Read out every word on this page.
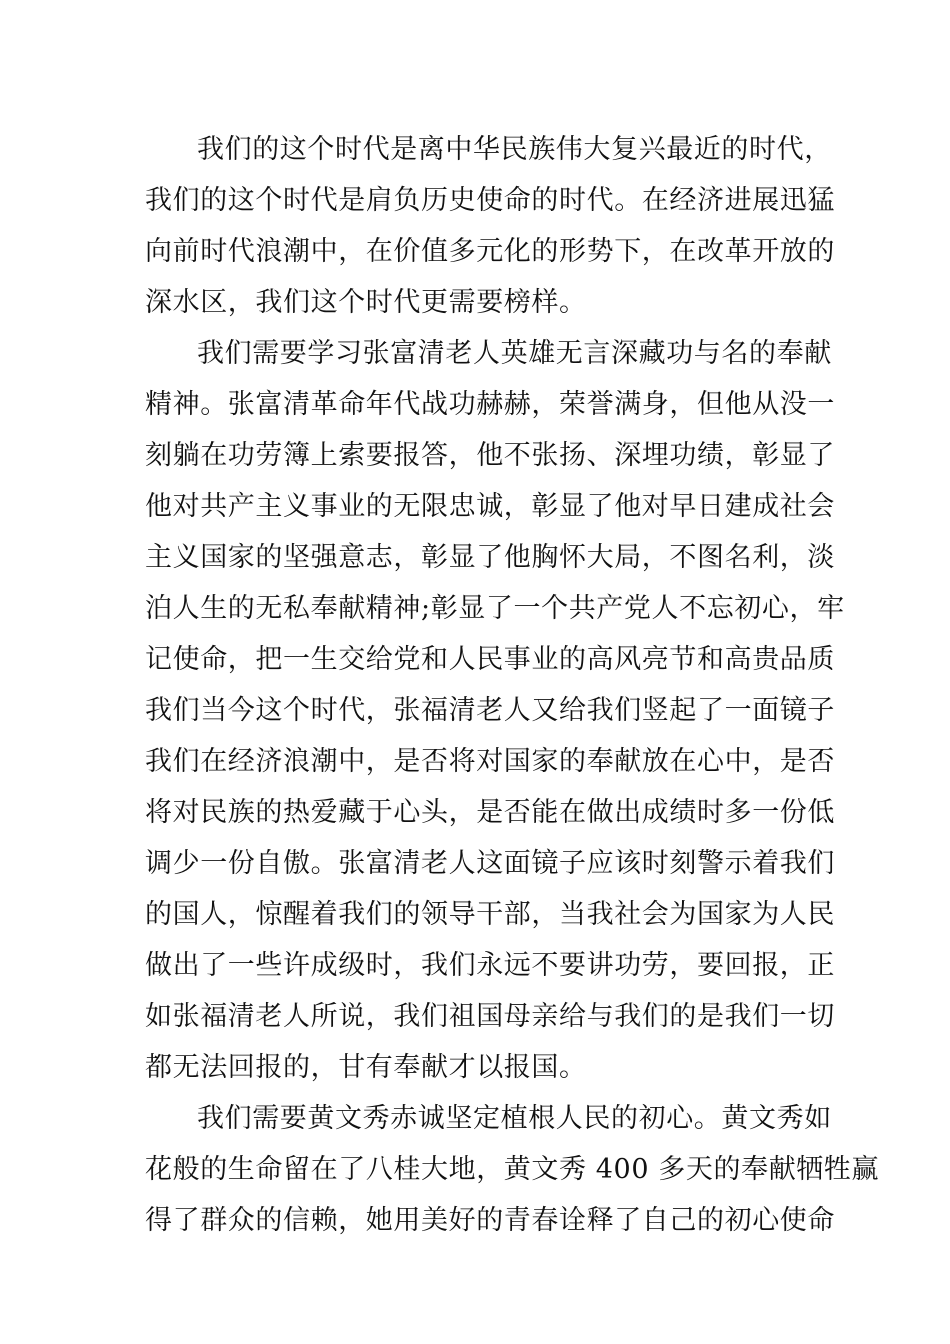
我们的这个时代是离中华民族伟大复兴最近的时代，
我们的这个时代是肩负历史使命的时代。在经济进展迅猛
向前时代浪潮中，在价值多元化的形势下，在改革开放的
深水区，我们这个时代更需要榜样。
我们需要学习张富清老人英雄无言深藏功与名的奉献
精神。张富清革命年代战功赫赫，荣誉满身，但他从没一
刻躺在功劳簿上索要报答，他不张扬、深埋功绩，彰显了
他对共产主义事业的无限忠诚，彰显了他对早日建成社会
主义国家的坚强意志，彰显了他胸怀大局，不图名利，淡
泊人生的无私奉献精神;彰显了一个共产党人不忘初心，牢
记使命，把一生交给党和人民事业的高风亮节和高贵品质
我们当今这个时代，张福清老人又给我们竖起了一面镜子
我们在经济浪潮中，是否将对国家的奉献放在心中，是否
将对民族的热爱藏于心头，是否能在做出成绩时多一份低
调少一份自傲。张富清老人这面镜子应该时刻警示着我们
的国人，惊醒着我们的领导干部，当我社会为国家为人民
做出了一些许成级时，我们永远不要讲功劳，要回报，正
如张福清老人所说，我们祖国母亲给与我们的是我们一切
都无法回报的，甘有奉献才以报国。
我们需要黄文秀赤诚坚定植根人民的初心。黄文秀如
花般的生命留在了八桂大地，黄文秀 400 多天的奉献牺牲赢
得了群众的信赖，她用美好的青春诠释了自己的初心使命
